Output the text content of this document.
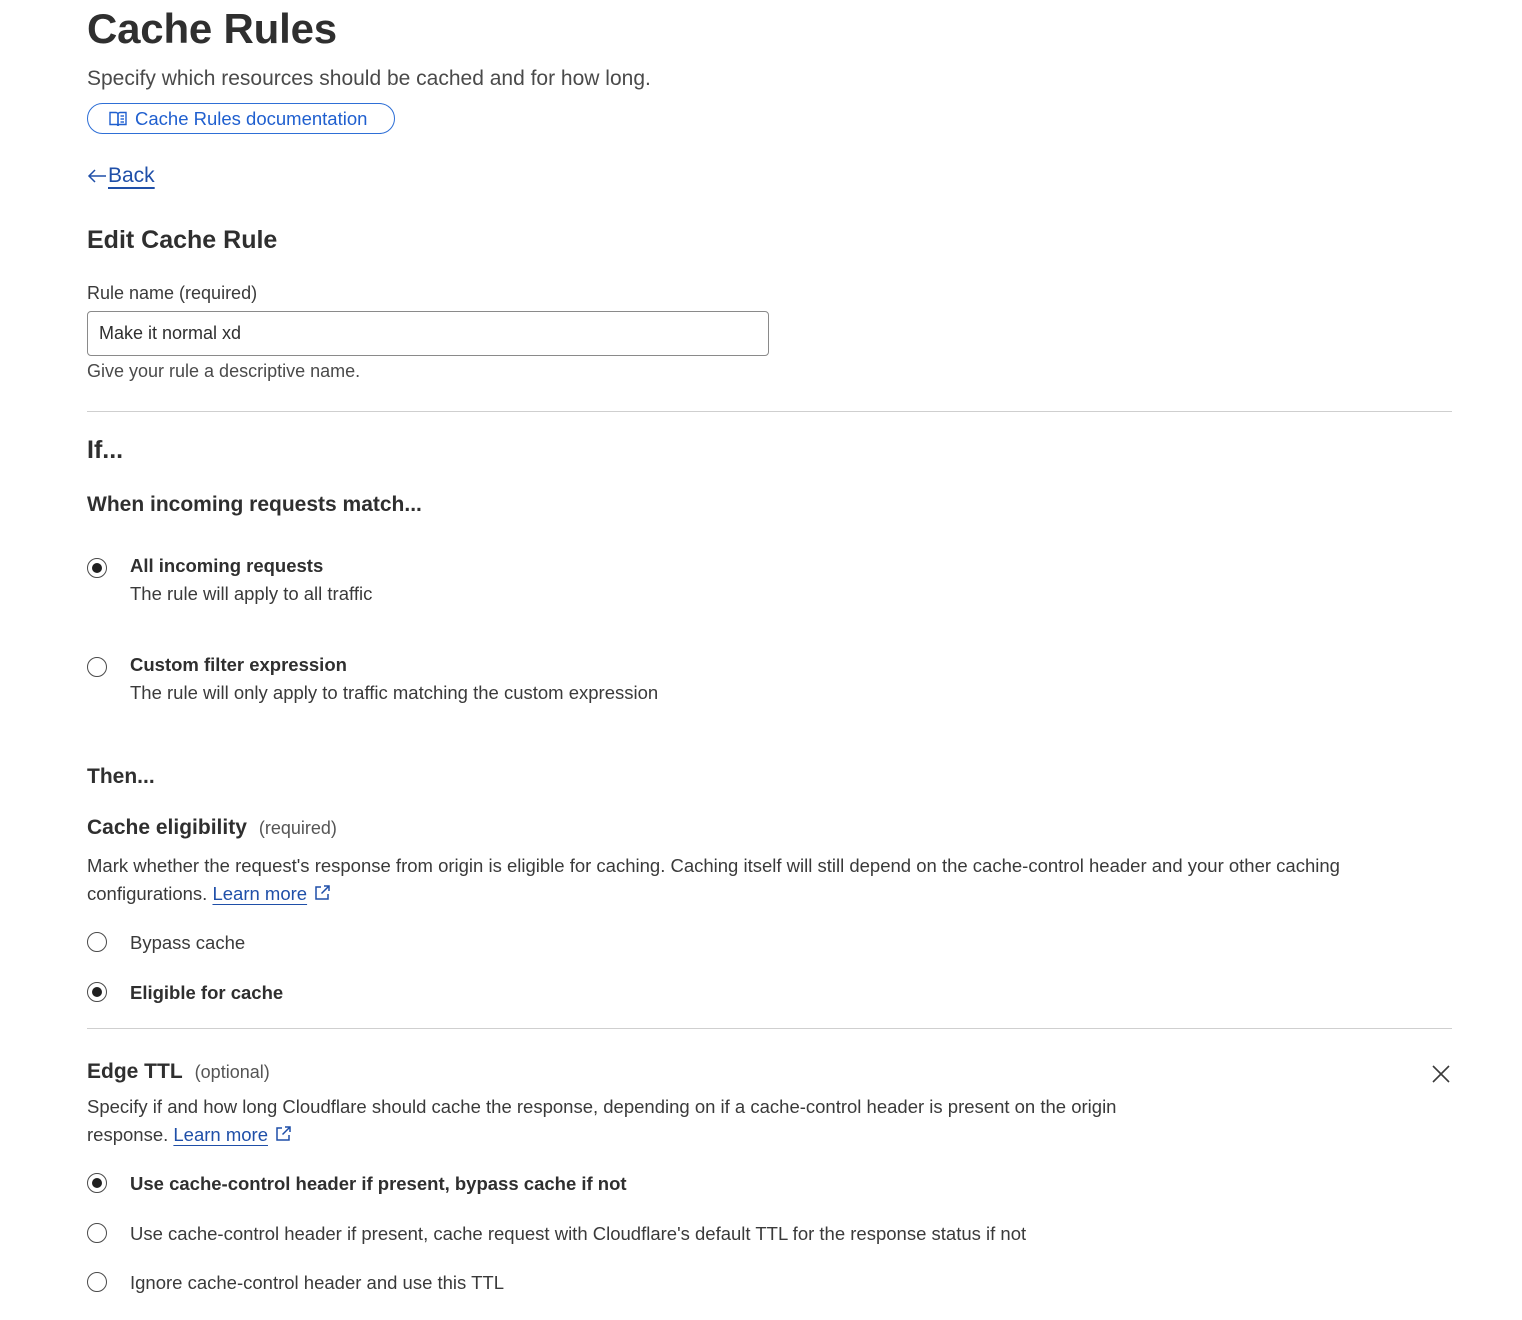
Cache Rules
Specify which resources should be cached and for how long.
Cache Rules documentation
Back
Edit Cache Rule
Rule name (required)
Make it normal xd
Give your rule a descriptive name.
If...
When incoming requests match...
All incoming requests
The rule will apply to all traffic
Custom filter expression
The rule will only apply to traffic matching the custom expression
Then...
Cache eligibility (required)
Mark whether the request's response from origin is eligible for caching. Caching itself will still depend on the cache-control header and your other caching configurations. Learn more
Bypass cache
Eligible for cache
Edge TTL (optional)
Specify if and how long Cloudflare should cache the response, depending on if a cache-control header is present on the origin response. Learn more
Use cache-control header if present, bypass cache if not
Use cache-control header if present, cache request with Cloudflare's default TTL for the response status if not
Ignore cache-control header and use this TTL
